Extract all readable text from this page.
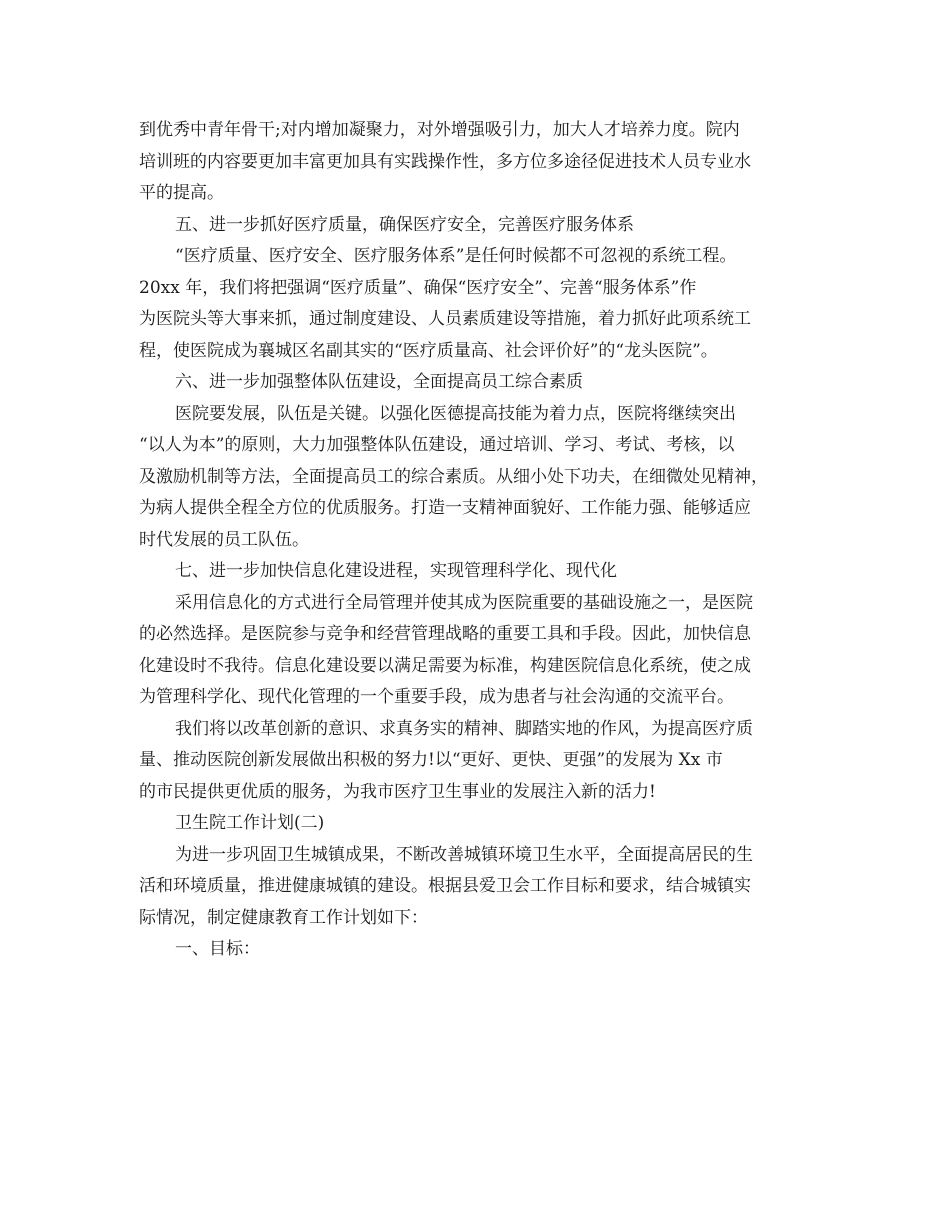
到优秀中青年骨干;对内增加凝聚力，对外增强吸引力，加大人才培养力度。院内
培训班的内容要更加丰富更加具有实践操作性，多方位多途径促进技术人员专业水
平的提高。
五、进一步抓好医疗质量，确保医疗安全，完善医疗服务体系
“医疗质量、医疗安全、医疗服务体系”是任何时候都不可忽视的系统工程。
20xx 年，我们将把强调“医疗质量”、确保“医疗安全”、完善“服务体系”作
为医院头等大事来抓，通过制度建设、人员素质建设等措施，着力抓好此项系统工
程，使医院成为襄城区名副其实的“医疗质量高、社会评价好”的“龙头医院”。
六、进一步加强整体队伍建设，全面提高员工综合素质
医院要发展，队伍是关键。以强化医德提高技能为着力点，医院将继续突出
“以人为本”的原则，大力加强整体队伍建设，通过培训、学习、考试、考核，以
及激励机制等方法，全面提高员工的综合素质。从细小处下功夫，在细微处见精神，
为病人提供全程全方位的优质服务。打造一支精神面貌好、工作能力强、能够适应
时代发展的员工队伍。
七、进一步加快信息化建设进程，实现管理科学化、现代化
采用信息化的方式进行全局管理并使其成为医院重要的基础设施之一，是医院
的必然选择。是医院参与竞争和经营管理战略的重要工具和手段。因此，加快信息
化建设时不我待。信息化建设要以满足需要为标准，构建医院信息化系统，使之成
为管理科学化、现代化管理的一个重要手段，成为患者与社会沟通的交流平台。
我们将以改革创新的意识、求真务实的精神、脚踏实地的作风，为提高医疗质
量、推动医院创新发展做出积极的努力!以“更好、更快、更强”的发展为 Xx 市
的市民提供更优质的服务，为我市医疗卫生事业的发展注入新的活力!
卫生院工作计划(二)
为进一步巩固卫生城镇成果，不断改善城镇环境卫生水平，全面提高居民的生
活和环境质量，推进健康城镇的建设。根据县爱卫会工作目标和要求，结合城镇实
际情况，制定健康教育工作计划如下：
一、目标：
